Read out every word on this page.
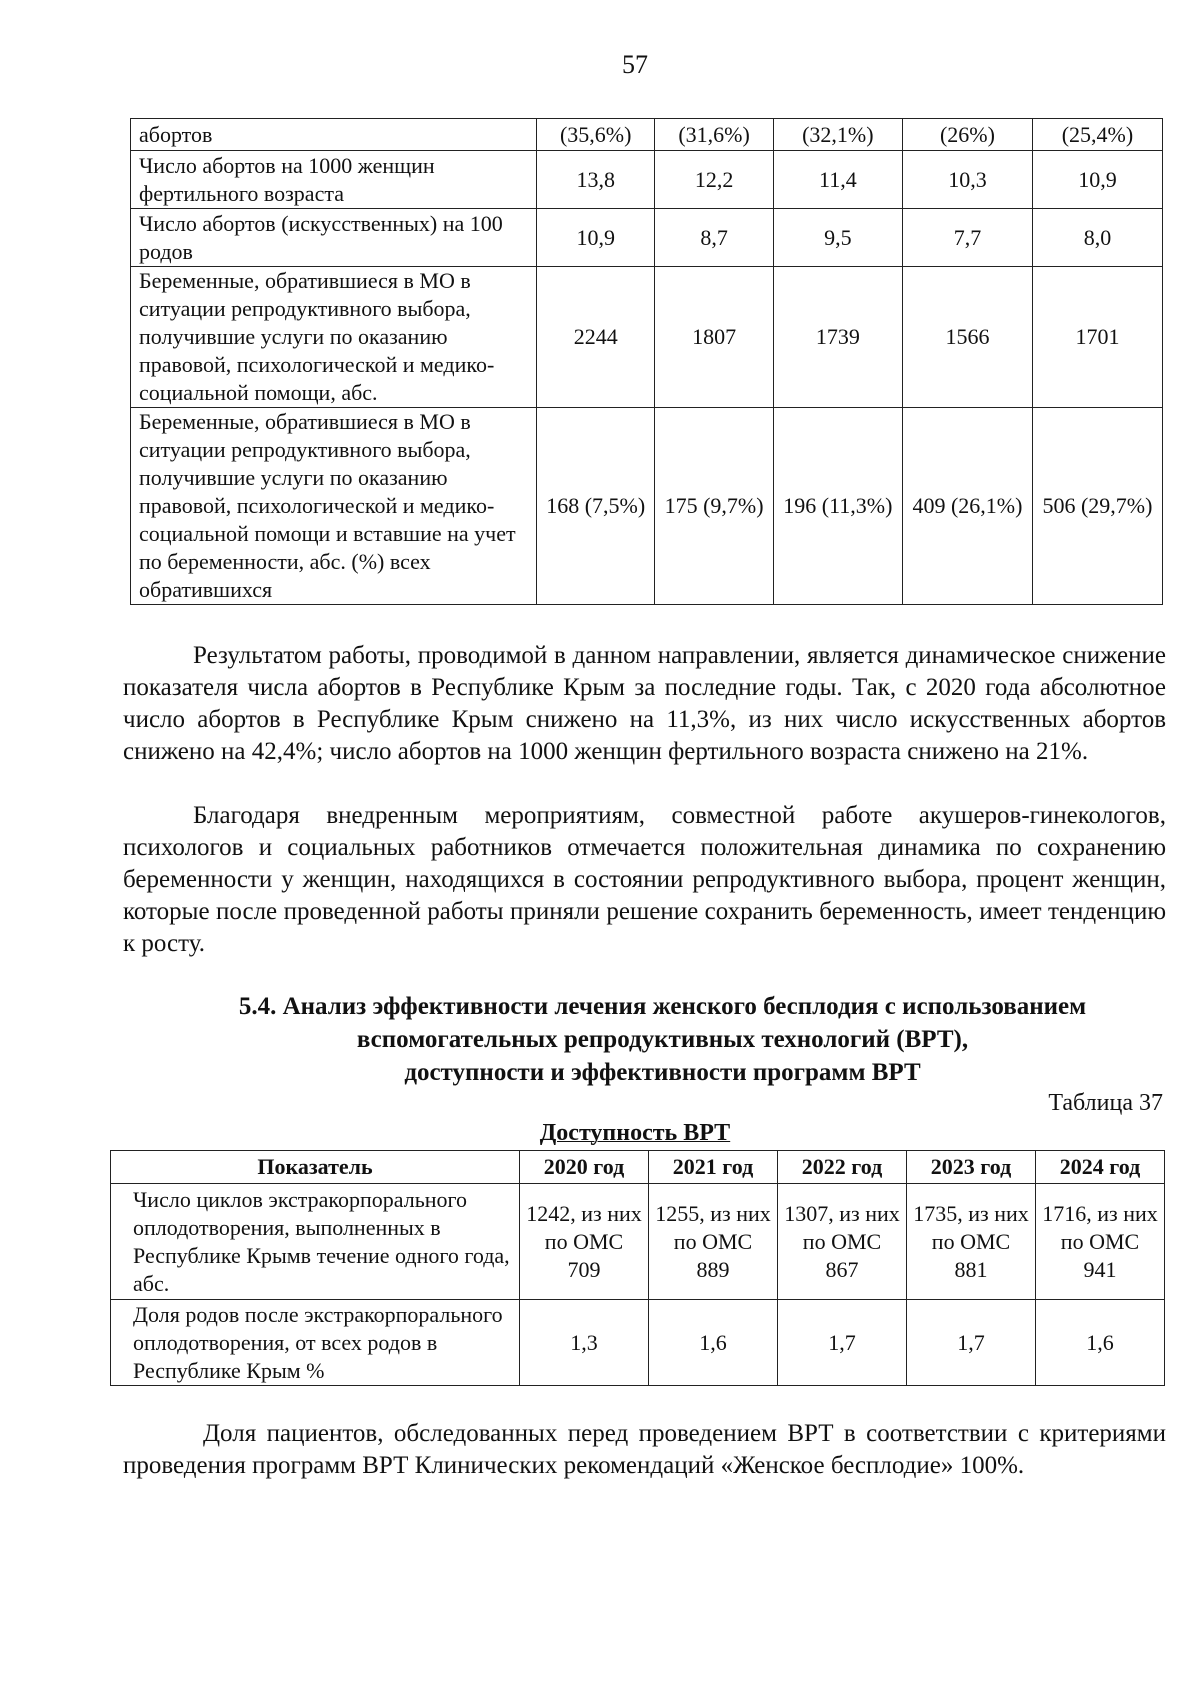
57
абортов	(35,6%)	(31,6%)	(32,1%)	(26%)	(25,4%)
Число абортов на 1000 женщин фертильного возраста	13,8	12,2	11,4	10,3	10,9
Число абортов (искусственных) на 100 родов	10,9	8,7	9,5	7,7	8,0
Беременные, обратившиеся в МО в ситуации репродуктивного выбора, получившие услуги по оказанию правовой, психологической и медико-социальной помощи, абс.	2244	1807	1739	1566	1701
Беременные, обратившиеся в МО в ситуации репродуктивного выбора, получившие услуги по оказанию правовой, психологической и медико-социальной помощи и вставшие на учет по беременности, абс. (%) всех обратившихся	168 (7,5%)	175 (9,7%)	196 (11,3%)	409 (26,1%)	506 (29,7%)

Результатом работы, проводимой в данном направлении, является динамическое снижение показателя числа абортов в Республике Крым за последние годы. Так, с 2020 года абсолютное число абортов в Республике Крым снижено на 11,3%, из них число искусственных абортов снижено на 42,4%; число абортов на 1000 женщин фертильного возраста снижено на 21%.

Благодаря внедренным мероприятиям, совместной работе акушеров-гинекологов, психологов и социальных работников отмечается положительная динамика по сохранению беременности у женщин, находящихся в состоянии репродуктивного выбора, процент женщин, которые после проведенной работы приняли решение сохранить беременность, имеет тенденцию к росту.

5.4. Анализ эффективности лечения женского бесплодия с использованием
вспомогательных репродуктивных технологий (ВРТ),
доступности и эффективности программ ВРТ
Таблица 37
Доступность ВРТ
Показатель	2020 год	2021 год	2022 год	2023 год	2024 год
Число циклов экстракорпорального оплодотворения, выполненных в Республике Крымв течение одного года, абс.	1242, из них по ОМС 709	1255, из них по ОМС 889	1307, из них по ОМС 867	1735, из них по ОМС 881	1716, из них по ОМС 941
Доля родов после экстракорпорального оплодотворения, от всех родов в Республике Крым %	1,3	1,6	1,7	1,7	1,6

Доля пациентов, обследованных перед проведением ВРТ в соответствии с критериями проведения программ ВРТ Клинических рекомендаций «Женское бесплодие» 100%.
